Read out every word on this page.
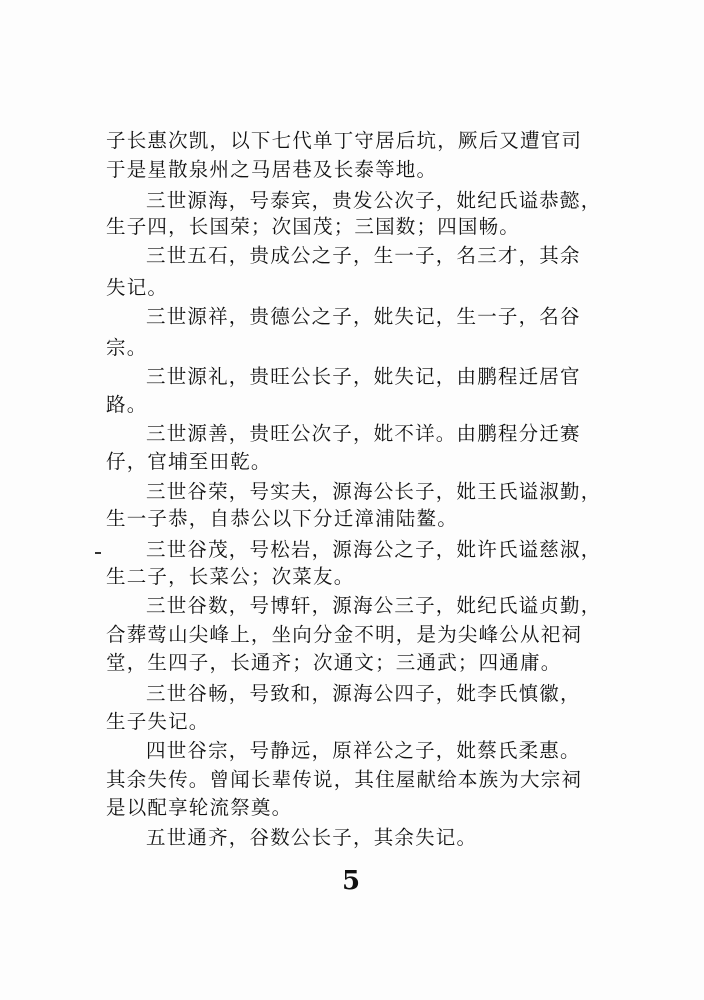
子长惠次凯，以下七代单丁守居后坑，厥后又遭官司
于是星散泉州之马居巷及长泰等地。
三世源海，号泰宾，贵发公次子，妣纪氏谥恭懿，
生子四，长国荣；次国茂；三国数；四国畅。
三世五石，贵成公之子，生一子，名三才，其余
失记。
三世源祥，贵德公之子，妣失记，生一子，名谷
宗。
三世源礼，贵旺公长子，妣失记，由鹏程迁居官
路。
三世源善，贵旺公次子，妣不详。由鹏程分迁赛
仔，官埔至田乾。
三世谷荣，号实夫，源海公长子，妣王氏谥淑勤，
生一子恭，自恭公以下分迁漳浦陆鳌。
三世谷茂，号松岩，源海公之子，妣许氏谥慈淑，
生二子，长菜公；次菜友。
三世谷数，号博轩，源海公三子，妣纪氏谥贞勤，
合葬莺山尖峰上，坐向分金不明，是为尖峰公从祀祠
堂，生四子，长通齐；次通文；三通武；四通庸。
三世谷畅，号致和，源海公四子，妣李氏慎徽，
生子失记。
四世谷宗，号静远，原祥公之子，妣蔡氏柔惠。
其余失传。曾闻长辈传说，其住屋献给本族为大宗祠
是以配享轮流祭奠。
五世通齐，谷数公长子，其余失记。
5
